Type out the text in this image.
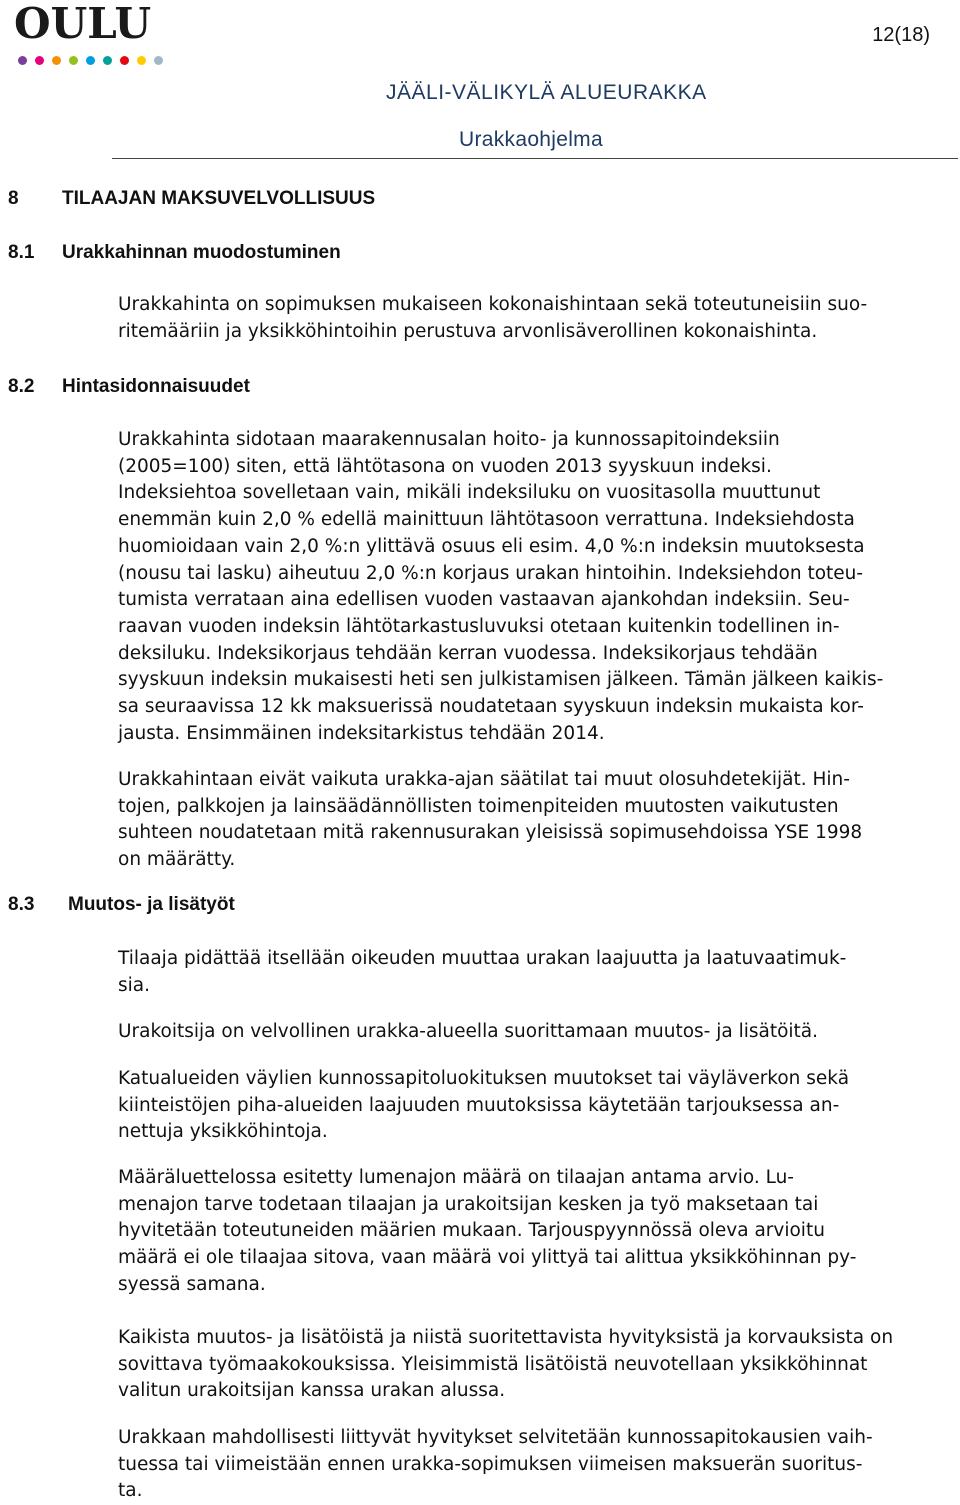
OULU	12(18)
JÄÄLI-VÄLIKYLÄ ALUEURAKKA
Urakkaohjelma
8 TILAAJAN MAKSUVELVOLLISUUS
8.1 Urakkahinnan muodostuminen
Urakkahinta on sopimuksen mukaiseen kokonaishintaan sekä toteutuneisiin suo-
ritemääriin ja yksikköhintoihin perustuva arvonlisäverollinen kokonaishinta.
8.2 Hintasidonnaisuudet
Urakkahinta sidotaan maarakennusalan hoito- ja kunnossapitoindeksiin
(2005=100) siten, että lähtötasona on vuoden 2013 syyskuun indeksi.
Indeksiehtoa sovelletaan vain, mikäli indeksiluku on vuositasolla muuttunut
enemmän kuin 2,0 % edellä mainittuun lähtötasoon verrattuna. Indeksiehdosta
huomioidaan vain 2,0 %:n ylittävä osuus eli esim. 4,0 %:n indeksin muutoksesta
(nousu tai lasku) aiheutuu 2,0 %:n korjaus urakan hintoihin. Indeksiehdon toteu-
tumista verrataan aina edellisen vuoden vastaavan ajankohdan indeksiin. Seu-
raavan vuoden indeksin lähtötarkastusluvuksi otetaan kuitenkin todellinen in-
deksiluku. Indeksikorjaus tehdään kerran vuodessa. Indeksikorjaus tehdään
syyskuun indeksin mukaisesti heti sen julkistamisen jälkeen. Tämän jälkeen kaikis-
sa seuraavissa 12 kk maksuerissä noudatetaan syyskuun indeksin mukaista kor-
jausta. Ensimmäinen indeksitarkistus tehdään 2014.
Urakkahintaan eivät vaikuta urakka-ajan säätilat tai muut olosuhdetekijät. Hin-
tojen, palkkojen ja lainsäädännöllisten toimenpiteiden muutosten vaikutusten
suhteen noudatetaan mitä rakennusurakan yleisissä sopimusehdoissa YSE 1998
on määrätty.
8.3 Muutos- ja lisätyöt
Tilaaja pidättää itsellään oikeuden muuttaa urakan laajuutta ja laatuvaatimuk-
sia.
Urakoitsija on velvollinen urakka-alueella suorittamaan muutos- ja lisätöitä.
Katualueiden väylien kunnossapitoluokituksen muutokset tai väyläverkon sekä
kiinteistöjen piha-alueiden laajuuden muutoksissa käytetään tarjouksessa an-
nettuja yksikköhintoja.
Määräluettelossa esitetty lumenajon määrä on tilaajan antama arvio. Lu-
menajon tarve todetaan tilaajan ja urakoitsijan kesken ja työ maksetaan tai
hyvitetään toteutuneiden määrien mukaan. Tarjouspyynnössä oleva arvioitu
määrä ei ole tilaajaa sitova, vaan määrä voi ylittyä tai alittua yksikköhinnan py-
syessä samana.
Kaikista muutos- ja lisätöistä ja niistä suoritettavista hyvityksistä ja korvauksista on
sovittava työmaakokouksissa. Yleisimmistä lisätöistä neuvotellaan yksikköhinnat
valitun urakoitsijan kanssa urakan alussa.
Urakkaan mahdollisesti liittyvät hyvitykset selvitetään kunnossapitokausien vaih-
tuessa tai viimeistään ennen urakka-sopimuksen viimeisen maksuerän suoritus-
ta.
